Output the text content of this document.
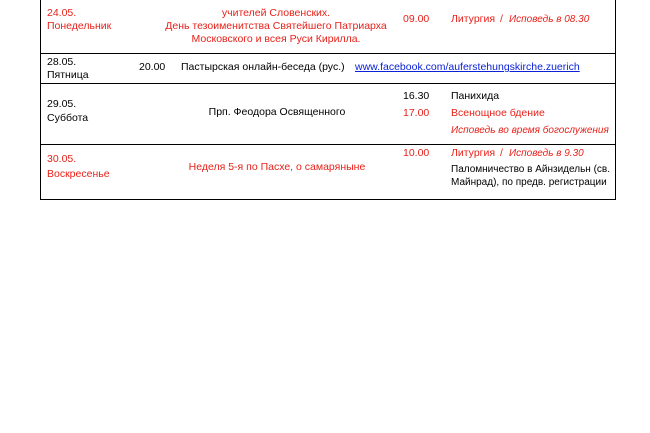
24.05.
Понедельник
учителей Словенских.
День тезоименитства Святейшего Патриарха
Московского и всея Руси Кирилла.
09.00 Литургия / Исповедь в 08.30
28.05.
Пятница
20.00 Пастырская онлайн-беседа (рус.) www.facebook.com/auferstehungskirche.zuerich
29.05.
Суббота	Прп. Феодора Освященного
16.30 Панихида
17.00 Всенощное бдение
Исповедь во время богослужения
30.05.
Воскресенье
Неделя 5-я по Пасхе, о самаряныне
10.00 Литургия / Исповедь в 9.30
Паломничество в Айнзидельн (св.
Майнрад), по предв. регистрации
